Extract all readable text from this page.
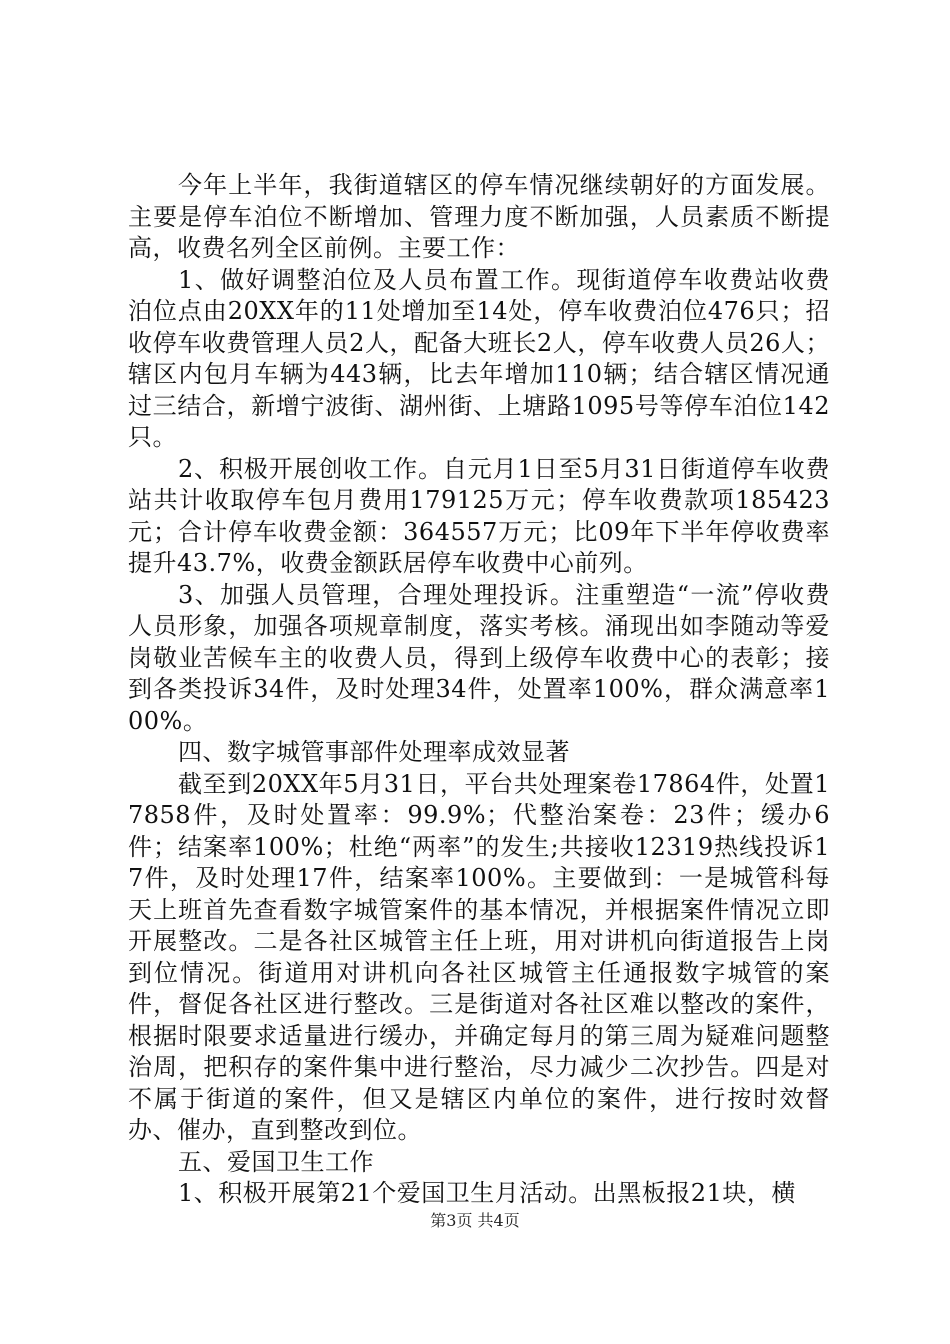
今年上半年，我街道辖区的停车情况继续朝好的方面发展。主要是停车泊位不断增加、管理力度不断加强，人员素质不断提高，收费名列全区前例。主要工作：

1、做好调整泊位及人员布置工作。现街道停车收费站收费泊位点由20XX年的11处增加至14处，停车收费泊位476只；招收停车收费管理人员2人，配备大班长2人，停车收费人员26人；辖区内包月车辆为443辆，比去年增加110辆；结合辖区情况通过三结合，新增宁波街、湖州街、上塘路1095号等停车泊位142只。

2、积极开展创收工作。自元月1日至5月31日街道停车收费站共计收取停车包月费用179125万元；停车收费款项185423元；合计停车收费金额：364557万元；比09年下半年停收费率提升43.7%，收费金额跃居停车收费中心前列。

3、加强人员管理，合理处理投诉。注重塑造“一流”停收费人员形象，加强各项规章制度，落实考核。涌现出如李随动等爱岗敬业苦候车主的收费人员，得到上级停车收费中心的表彰；接到各类投诉34件，及时处理34件，处置率100%，群众满意率100%。

四、数字城管事部件处理率成效显著

截至到20XX年5月31日，平台共处理案卷17864件，处置17858件，及时处置率：99.9%；代整治案卷：23件；缓办6件；结案率100%；杜绝“两率”的发生;共接收12319热线投诉17件，及时处理17件，结案率100%。主要做到：一是城管科每天上班首先查看数字城管案件的基本情况，并根据案件情况立即开展整改。二是各社区城管主任上班，用对讲机向街道报告上岗到位情况。街道用对讲机向各社区城管主任通报数字城管的案件，督促各社区进行整改。三是街道对各社区难以整改的案件，根据时限要求适量进行缓办，并确定每月的第三周为疑难问题整治周，把积存的案件集中进行整治，尽力减少二次抄告。四是对不属于街道的案件，但又是辖区内单位的案件，进行按时效督办、催办，直到整改到位。

五、爱国卫生工作

1、积极开展第21个爱国卫生月活动。出黑板报21块，横

第3页 共4页
